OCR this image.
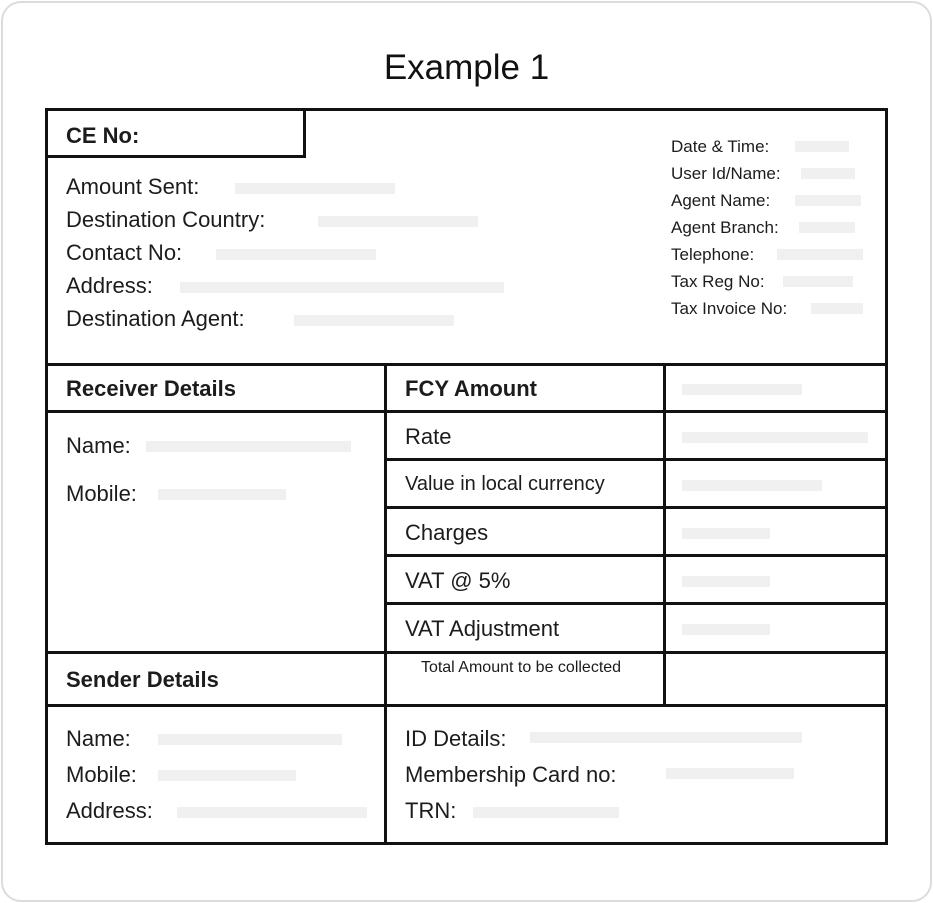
Example 1
CE No:
Amount Sent:
Destination Country:
Contact No:
Address:
Destination Agent:
Date & Time:
User Id/Name:
Agent Name:
Agent Branch:
Telephone:
Tax Reg No:
Tax Invoice No:
Receiver Details
Name:
Mobile:
FCY Amount
Rate
Value in local currency
Charges
VAT @ 5%
VAT Adjustment
Total Amount to be collected
Sender Details
Name:
Mobile:
Address:
ID Details:
Membership Card no:
TRN:
